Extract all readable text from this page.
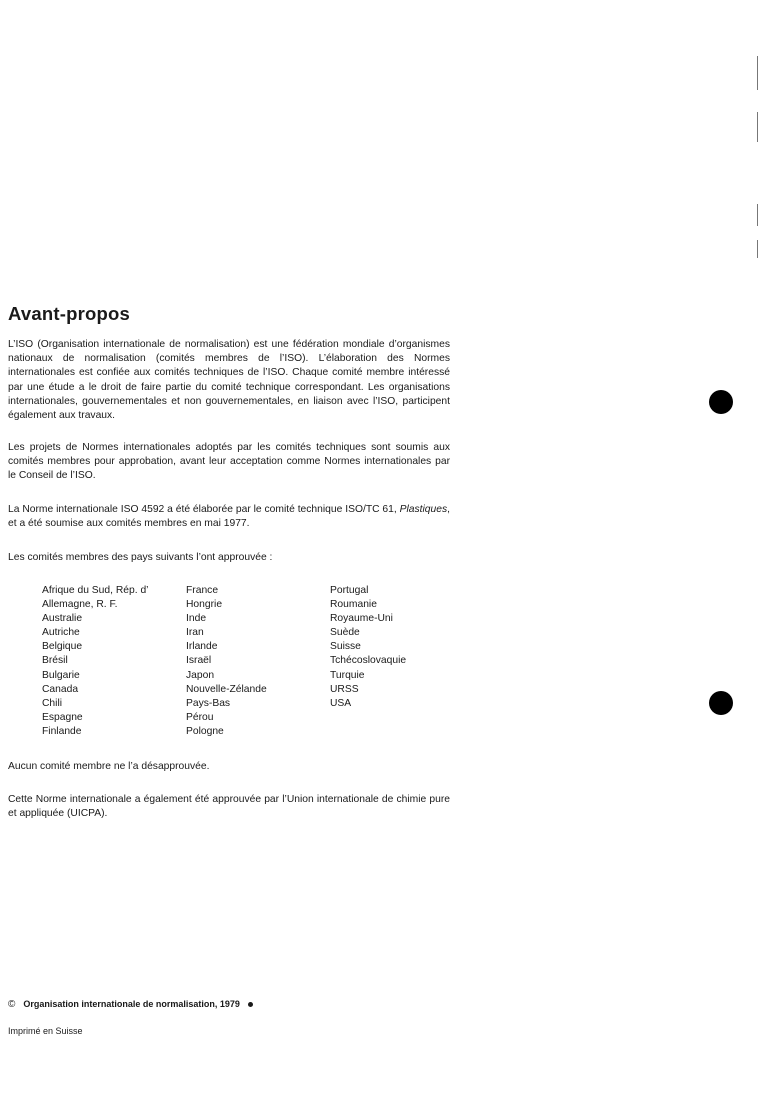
Avant-propos
L’ISO (Organisation internationale de normalisation) est une fédération mondiale d’organismes nationaux de normalisation (comités membres de l’ISO). L’élaboration des Normes internationales est confiée aux comités techniques de l’ISO. Chaque comité membre intéressé par une étude a le droit de faire partie du comité technique correspondant. Les organisations internationales, gouvernementales et non gouvernementales, en liaison avec l’ISO, participent également aux travaux.
Les projets de Normes internationales adoptés par les comités techniques sont soumis aux comités membres pour approbation, avant leur acceptation comme Normes internationales par le Conseil de l’ISO.
La Norme internationale ISO 4592 a été élaborée par le comité technique ISO/TC 61, Plastiques, et a été soumise aux comités membres en mai 1977.
Les comités membres des pays suivants l’ont approuvée :
Afrique du Sud, Rép. d’
Allemagne, R. F.
Australie
Autriche
Belgique
Brésil
Bulgarie
Canada
Chili
Espagne
Finlande
France
Hongrie
Inde
Iran
Irlande
Israël
Japon
Nouvelle-Zélande
Pays-Bas
Pérou
Pologne
Portugal
Roumanie
Royaume-Uni
Suède
Suisse
Tchécoslovaquie
Turquie
URSS
USA
Aucun comité membre ne l’a désapprouvée.
Cette Norme internationale a également été approuvée par l’Union internationale de chimie pure et appliquée (UICPA).
© Organisation internationale de normalisation, 1979
Imprimé en Suisse
